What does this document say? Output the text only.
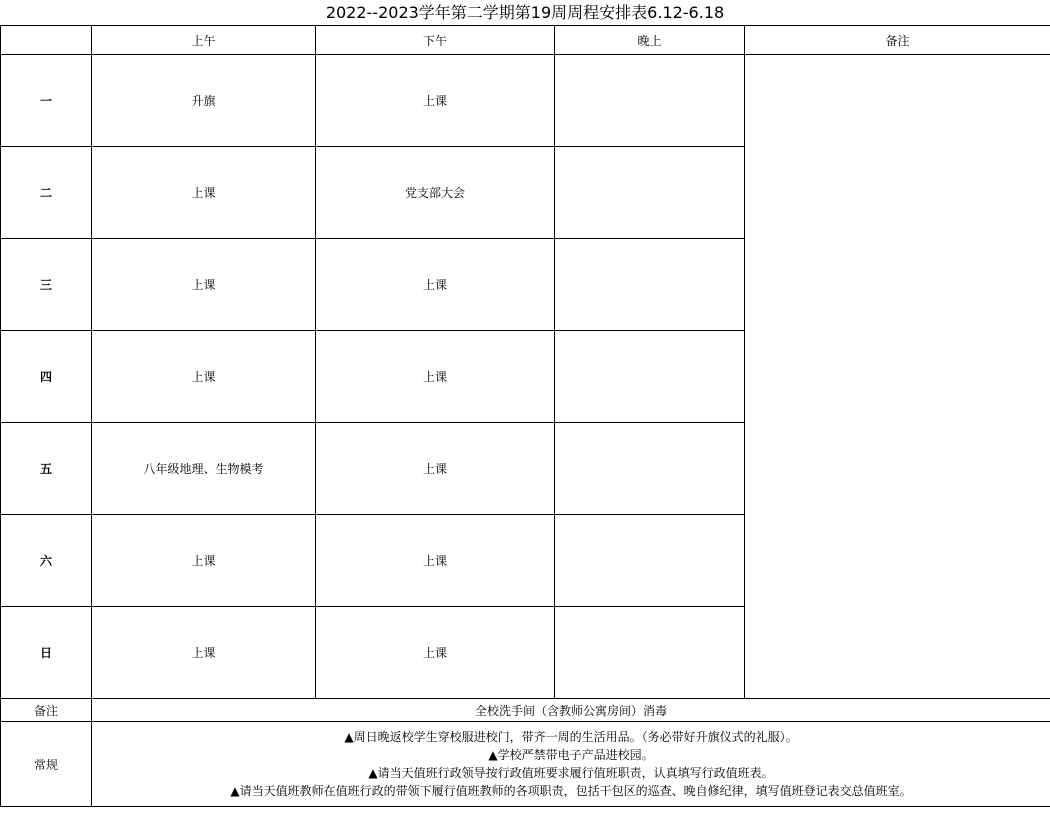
2022--2023学年第二学期第19周周程安排表6.12-6.18
	上午	下午	晚上	备注
一	升旗	上课		
二	上课	党支部大会		
三	上课	上课		
四	上课	上课		
五	八年级地理、生物模考	上课		
六	上课	上课		
日	上课	上课		
备注	全校洗手间（含教师公寓房间）消毒			
常规	▲周日晚返校学生穿校服进校门，带齐一周的生活用品。（务必带好升旗仪式的礼服）。
▲学校严禁带电子产品进校园。
▲请当天值班行政领导按行政值班要求履行值班职责，认真填写行政值班表。
▲请当天值班教师在值班行政的带领下履行值班教师的各项职责，包括干包区的巡查、晚自修纪律，填写值班登记表交总值班室。			
